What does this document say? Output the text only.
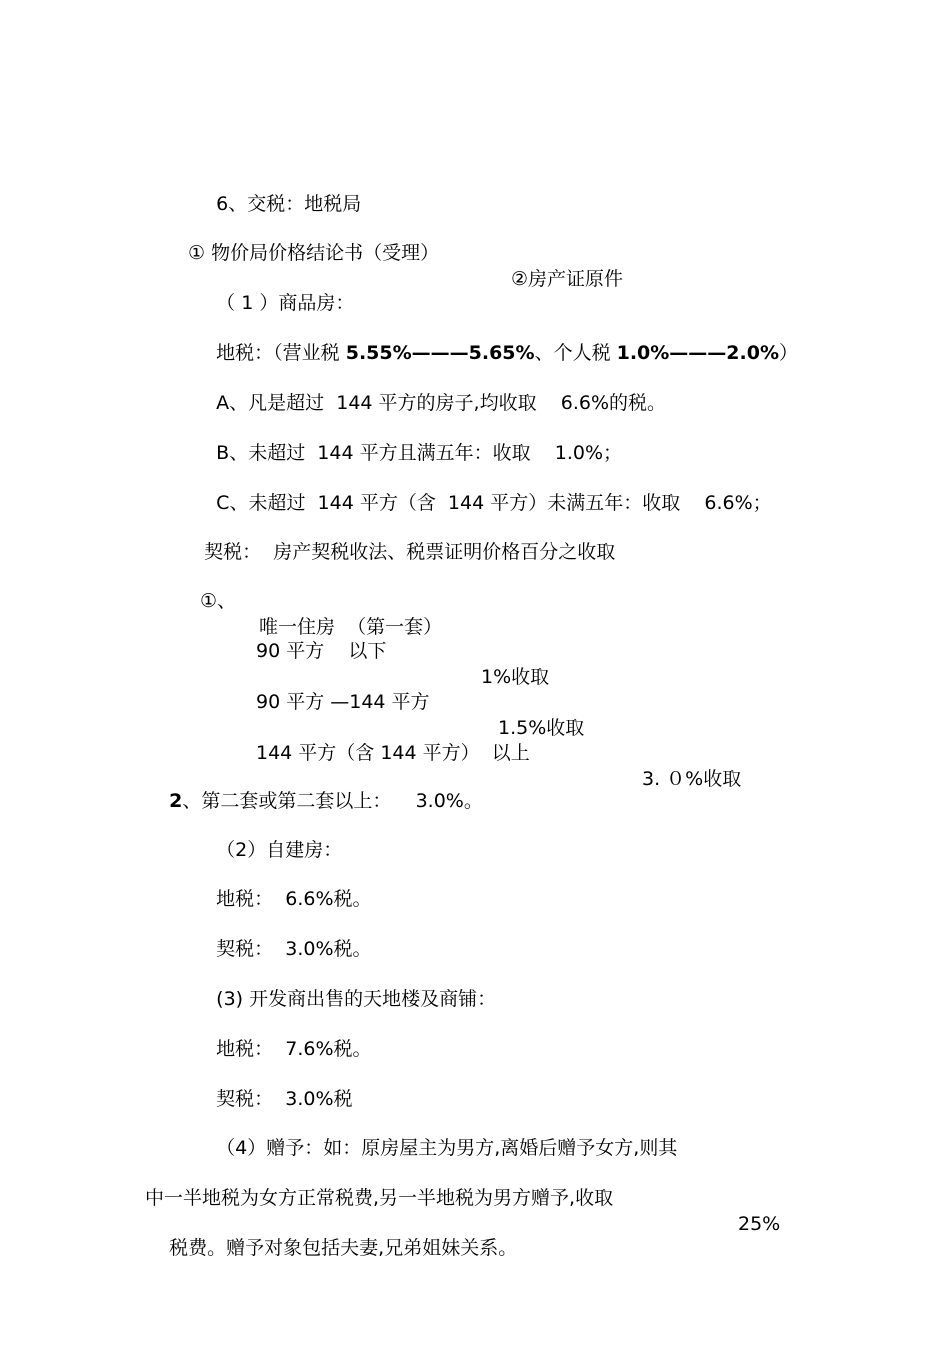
6、交税：地税局

① 物价局价格结论书（受理）

②房产证原件

（ 1 ）商品房：

地税：（营业税 5.55%———5.65%、个人税 1.0%———2.0%）

A、凡是超过  144 平方的房子,均收取    6.6%的税。

B、未超过  144 平方且满五年：收取    1.0%；

C、未超过  144 平方（含  144 平方）未满五年：收取    6.6%；

契税：  房产契税收法、税票证明价格百分之收取

①、

唯一住房  （第一套）

90 平方    以下

1%收取

90 平方 —144 平方

1.5%收取

144 平方（含 144 平方）  以上

3. ０%收取

2、第二套或第二套以上：    3.0%。

（2）自建房：

地税：  6.6%税。

契税：  3.0%税。

(3) 开发商出售的天地楼及商铺：

地税：  7.6%税。

契税：  3.0%税

（4）赠予：如：原房屋主为男方,离婚后赠予女方,则其

中一半地税为女方正常税费,另一半地税为男方赠予,收取

25%

税费。赠予对象包括夫妻,兄弟姐妹关系。
